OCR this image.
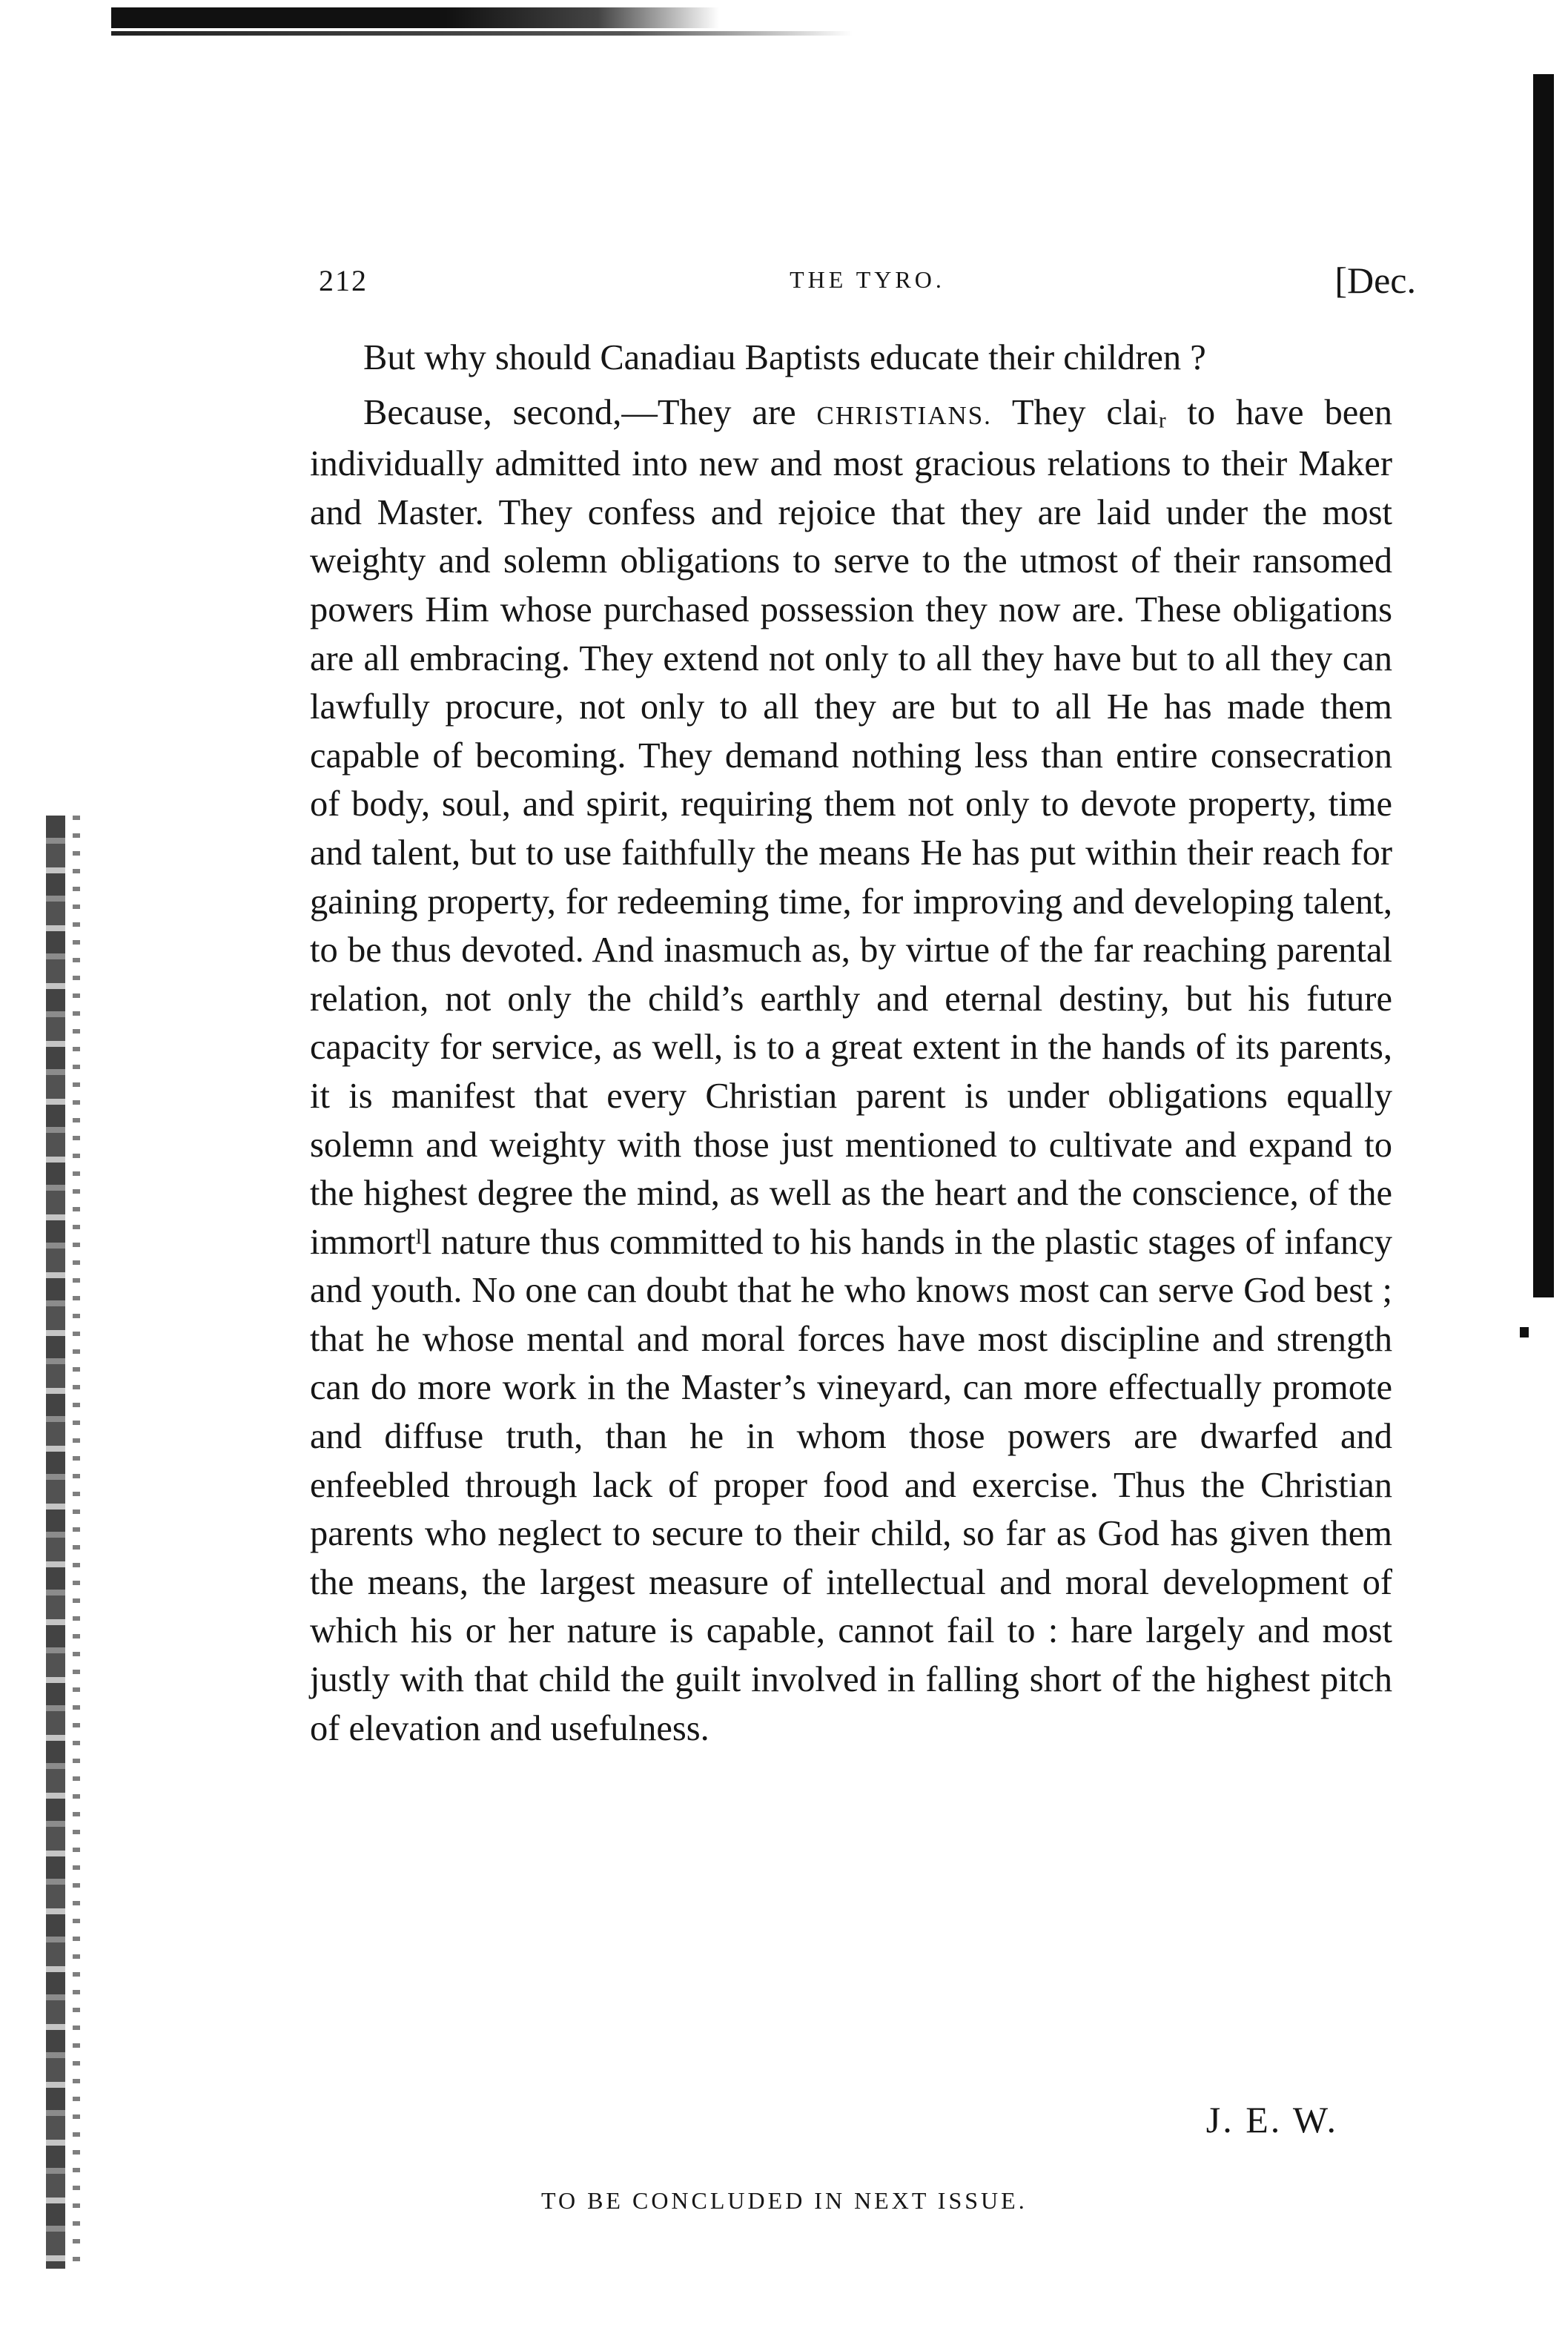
212	THE TYRO.	[Dec.

But why should Canadiau Baptists educate their children ?

Because, second,—They are CHRISTIANS. They claiᵣ to have been individually admitted into new and most gracious relations to their Maker and Master. They confess and rejoice that they are laid under the most weighty and solemn obligations to serve to the utmost of their ransomed powers Him whose purchased possession they now are. These obligations are all embracing. They extend not only to all they have but to all they can lawfully procure, not only to all they are but to all He has made them capable of becoming. They demand nothing less than entire consecration of body, soul, and spirit, requiring them not only to devote property, time and talent, but to use faithfully the means He has put within their reach for gaining property, for redeeming time, for improving and developing talent, to be thus devoted. And inasmuch as, by virtue of the far reaching parental relation, not only the child’s earthly and eternal destiny, but his future capacity for service, as well, is to a great extent in the hands of its parents, it is manifest that every Christian parent is under obligations equally solemn and weighty with those just mentioned to cultivate and expand to the highest degree the mind, as well as the heart and the conscience, of the immortˡl nature thus committed to his hands in the plastic stages of infancy and youth. No one can doubt that he who knows most can serve God best ; that he whose mental and moral forces have most discipline and strength can do more work in the Master’s vineyard, can more effectually promote and diffuse truth, than he in whom those powers are dwarfed and enfeebled through lack of proper food and exercise. Thus the Christian parents who neglect to secure to their child, so far as God has given them the means, the largest measure of intellectual and moral development of which his or her nature is capable, cannot fail to : hare largely and most justly with that child the guilt involved in falling short of the highest pitch of elevation and usefulness.

J. E. W.
TO BE CONCLUDED IN NEXT ISSUE.
